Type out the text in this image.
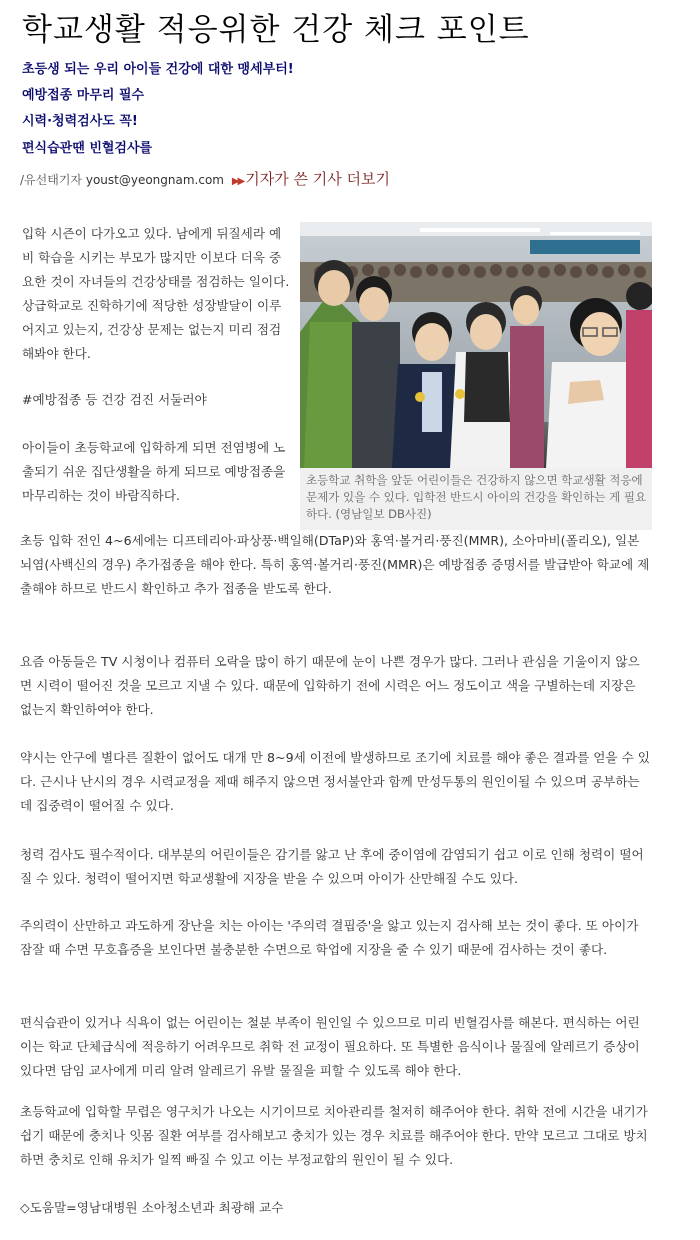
학교생활 적응위한 건강 체크 포인트

초등생 되는 우리 아이들 건강에 대한 맹세부터!

예방접종 마무리 필수

시력·청력검사도 꼭!

편식습관땐 빈혈검사를

/유선태기자 youst@yeongnam.com ▶▶ 기자가 쓴 기사 더보기

초등학교 취학을 앞둔 어린이들은 건강하지 않으면 학교생활 적응에 문제가 있을 수 있다. 입학전 반드시 아이의 건강을 확인하는 게 필요하다. (영남일보 DB사진)

입학 시즌이 다가오고 있다. 남에게 뒤질세라 예비 학습을 시키는 부모가 많지만 이보다 더욱 중요한 것이 자녀들의 건강상태를 점검하는 일이다. 상급학교로 진학하기에 적당한 성장발달이 이루어지고 있는지, 건강상 문제는 없는지 미리 점검해봐야 한다.

#예방접종 등 건강 검진 서둘러야

아이들이 초등학교에 입학하게 되면 전염병에 노출되기 쉬운 집단생활을 하게 되므로 예방접종을 마무리하는 것이 바람직하다.

초등 입학 전인 4~6세에는 디프테리아·파상풍·백일해(DTaP)와 홍역·볼거리·풍진(MMR), 소아마비(폴리오), 일본뇌염(사백신의 경우) 추가접종을 해야 한다. 특히 홍역·볼거리·풍진(MMR)은 예방접종 증명서를 발급받아 학교에 제출해야 하므로 반드시 확인하고 추가 접종을 받도록 한다.

요즘 아동들은 TV 시청이나 컴퓨터 오락을 많이 하기 때문에 눈이 나쁜 경우가 많다. 그러나 관심을 기울이지 않으면 시력이 떨어진 것을 모르고 지낼 수 있다. 때문에 입학하기 전에 시력은 어느 정도이고 색을 구별하는데 지장은 없는지 확인하여야 한다.

약시는 안구에 별다른 질환이 없어도 대개 만 8~9세 이전에 발생하므로 조기에 치료를 해야 좋은 결과를 얻을 수 있다. 근시나 난시의 경우 시력교정을 제때 해주지 않으면 정서불안과 함께 만성두통의 원인이될 수 있으며 공부하는데 집중력이 떨어질 수 있다.

청력 검사도 필수적이다. 대부분의 어린이들은 감기를 앓고 난 후에 중이염에 감염되기 쉽고 이로 인해 청력이 떨어질 수 있다. 청력이 떨어지면 학교생활에 지장을 받을 수 있으며 아이가 산만해질 수도 있다.

주의력이 산만하고 과도하게 장난을 치는 아이는 '주의력 결핍증'을 앓고 있는지 검사해 보는 것이 좋다. 또 아이가 잠잘 때 수면 무호흡증을 보인다면 불충분한 수면으로 학업에 지장을 줄 수 있기 때문에 검사하는 것이 좋다.

편식습관이 있거나 식욕이 없는 어린이는 철분 부족이 원인일 수 있으므로 미리 빈혈검사를 해본다. 편식하는 어린이는 학교 단체급식에 적응하기 어려우므로 취학 전 교정이 필요하다. 또 특별한 음식이나 물질에 알레르기 증상이 있다면 담임 교사에게 미리 알려 알레르기 유발 물질을 피할 수 있도록 해야 한다.

초등학교에 입학할 무렵은 영구치가 나오는 시기이므로 치아관리를 철저히 해주어야 한다. 취학 전에 시간을 내기가 쉽기 때문에 충치나 잇몸 질환 여부를 검사해보고 충치가 있는 경우 치료를 해주어야 한다. 만약 모르고 그대로 방치하면 충치로 인해 유치가 일찍 빠질 수 있고 이는 부정교합의 원인이 될 수 있다.

◇도움말=영남대병원 소아청소년과 최광해 교수
